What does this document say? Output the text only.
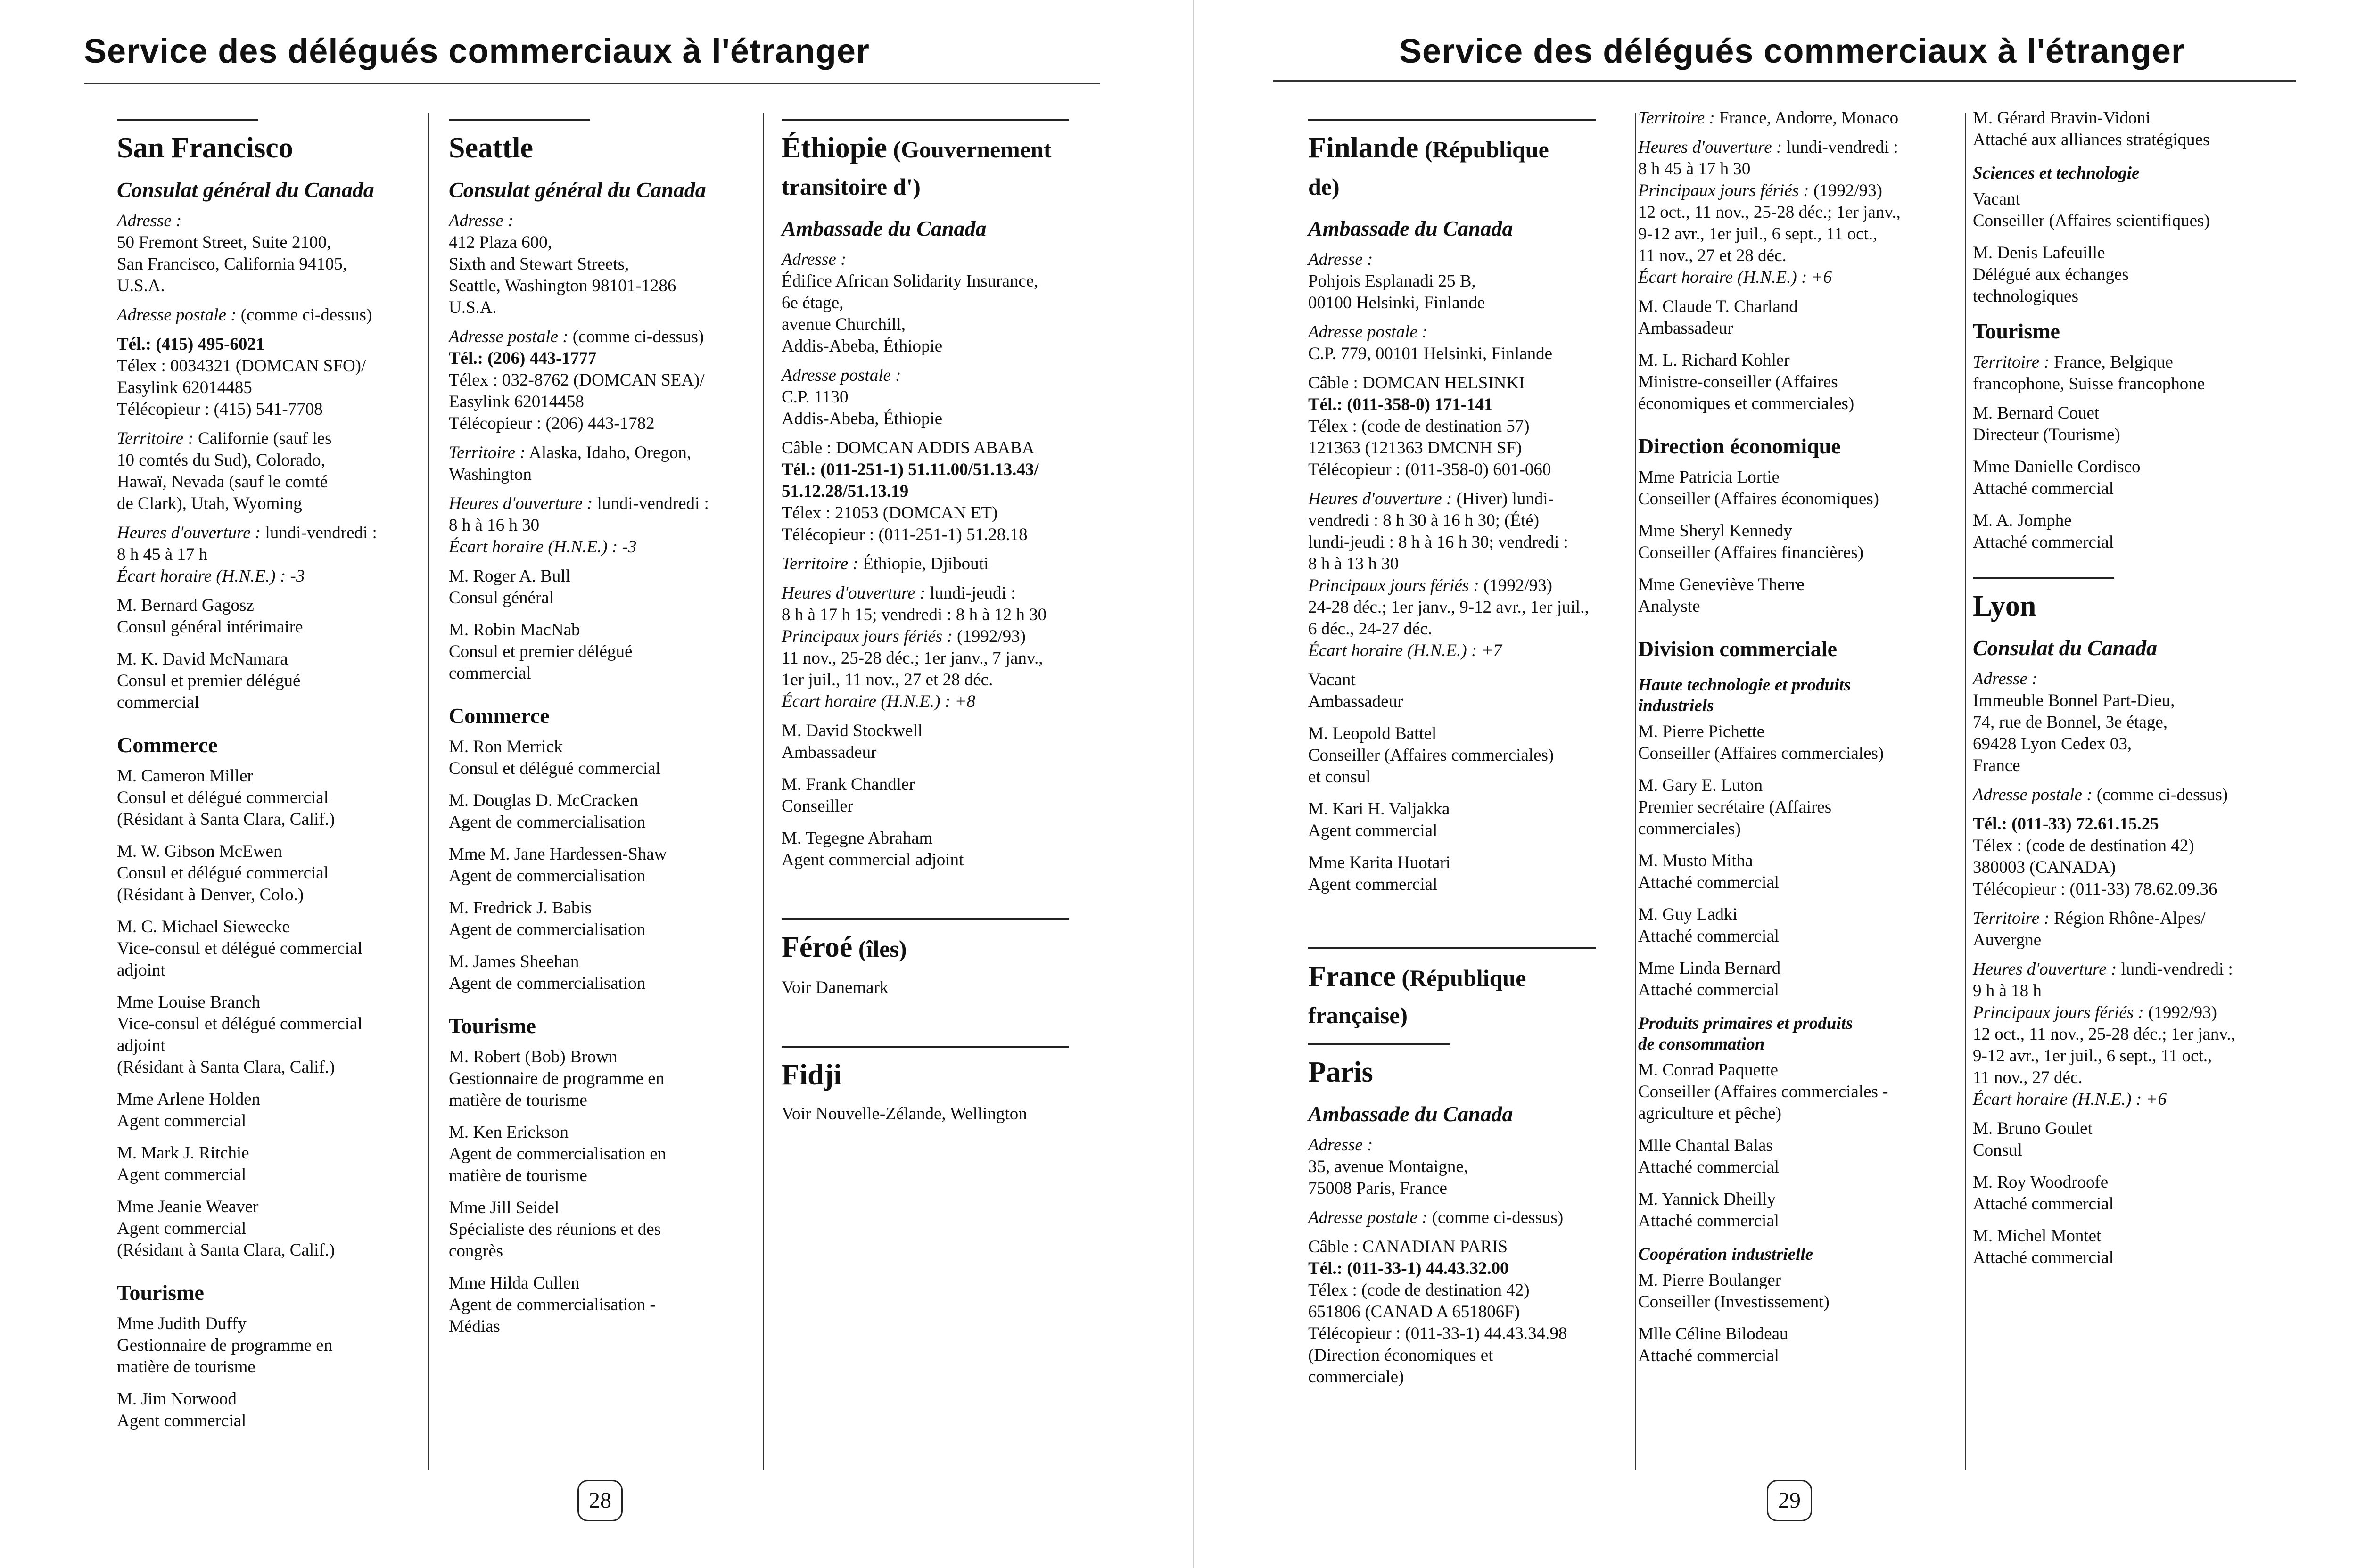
Service des délégués commerciaux à l'étranger	Service des délégués commerciaux à l'étranger
San Francisco
Consulat général du Canada
Adresse :
50 Fremont Street, Suite 2100,
San Francisco, California 94105,
U.S.A.
Adresse postale : (comme ci-dessus)
Tél.: (415) 495-6021
Télex : 0034321 (DOMCAN SFO)/
Easylink 62014485
Télécopieur : (415) 541-7708
Territoire : Californie (sauf les
10 comtés du Sud), Colorado,
Hawaï, Nevada (sauf le comté
de Clark), Utah, Wyoming
Heures d'ouverture : lundi-vendredi :
8 h 45 à 17 h
Écart horaire (H.N.E.) : -3
M. Bernard Gagosz
Consul général intérimaire
M. K. David McNamara
Consul et premier délégué
commercial
Commerce
M. Cameron Miller
Consul et délégué commercial
(Résidant à Santa Clara, Calif.)
M. W. Gibson McEwen
Consul et délégué commercial
(Résidant à Denver, Colo.)
M. C. Michael Siewecke
Vice-consul et délégué commercial
adjoint
Mme Louise Branch
Vice-consul et délégué commercial
adjoint
(Résidant à Santa Clara, Calif.)
Mme Arlene Holden
Agent commercial
M. Mark J. Ritchie
Agent commercial
Mme Jeanie Weaver
Agent commercial
(Résidant à Santa Clara, Calif.)
Tourisme
Mme Judith Duffy
Gestionnaire de programme en
matière de tourisme
M. Jim Norwood
Agent commercial
Seattle
Consulat général du Canada
Adresse :
412 Plaza 600,
Sixth and Stewart Streets,
Seattle, Washington 98101-1286
U.S.A.
Adresse postale : (comme ci-dessus)
Tél.: (206) 443-1777
Télex : 032-8762 (DOMCAN SEA)/
Easylink 62014458
Télécopieur : (206) 443-1782
Territoire : Alaska, Idaho, Oregon,
Washington
Heures d'ouverture : lundi-vendredi :
8 h à 16 h 30
Écart horaire (H.N.E.) : -3
M. Roger A. Bull
Consul général
M. Robin MacNab
Consul et premier délégué
commercial
Commerce
M. Ron Merrick
Consul et délégué commercial
M. Douglas D. McCracken
Agent de commercialisation
Mme M. Jane Hardessen-Shaw
Agent de commercialisation
M. Fredrick J. Babis
Agent de commercialisation
M. James Sheehan
Agent de commercialisation
Tourisme
M. Robert (Bob) Brown
Gestionnaire de programme en
matière de tourisme
M. Ken Erickson
Agent de commercialisation en
matière de tourisme
Mme Jill Seidel
Spécialiste des réunions et des
congrès
Mme Hilda Cullen
Agent de commercialisation -
Médias
Éthiopie (Gouvernement
transitoire d')
Ambassade du Canada
Adresse :
Édifice African Solidarity Insurance,
6e étage,
avenue Churchill,
Addis-Abeba, Éthiopie
Adresse postale :
C.P. 1130
Addis-Abeba, Éthiopie
Câble : DOMCAN ADDIS ABABA
Tél.: (011-251-1) 51.11.00/51.13.43/
51.12.28/51.13.19
Télex : 21053 (DOMCAN ET)
Télécopieur : (011-251-1) 51.28.18
Territoire : Éthiopie, Djibouti
Heures d'ouverture : lundi-jeudi :
8 h à 17 h 15; vendredi : 8 h à 12 h 30
Principaux jours fériés : (1992/93)
11 nov., 25-28 déc.; 1er janv., 7 janv.,
1er juil., 11 nov., 27 et 28 déc.
Écart horaire (H.N.E.) : +8
M. David Stockwell
Ambassadeur
M. Frank Chandler
Conseiller
M. Tegegne Abraham
Agent commercial adjoint
Féroé (îles)
Voir Danemark
Fidji
Voir Nouvelle-Zélande, Wellington
Finlande (République
de)
Ambassade du Canada
Adresse :
Pohjois Esplanadi 25 B,
00100 Helsinki, Finlande
Adresse postale :
C.P. 779, 00101 Helsinki, Finlande
Câble : DOMCAN HELSINKI
Tél.: (011-358-0) 171-141
Télex : (code de destination 57)
121363 (121363 DMCNH SF)
Télécopieur : (011-358-0) 601-060
Heures d'ouverture : (Hiver) lundi-
vendredi : 8 h 30 à 16 h 30; (Été)
lundi-jeudi : 8 h à 16 h 30; vendredi :
8 h à 13 h 30
Principaux jours fériés : (1992/93)
24-28 déc.; 1er janv., 9-12 avr., 1er juil.,
6 déc., 24-27 déc.
Écart horaire (H.N.E.) : +7
Vacant
Ambassadeur
M. Leopold Battel
Conseiller (Affaires commerciales)
et consul
M. Kari H. Valjakka
Agent commercial
Mme Karita Huotari
Agent commercial
France (République
française)
Paris
Ambassade du Canada
Adresse :
35, avenue Montaigne,
75008 Paris, France
Adresse postale : (comme ci-dessus)
Câble : CANADIAN PARIS
Tél.: (011-33-1) 44.43.32.00
Télex : (code de destination 42)
651806 (CANAD A 651806F)
Télécopieur : (011-33-1) 44.43.34.98
(Direction économiques et
commerciale)
Territoire : France, Andorre, Monaco
Heures d'ouverture : lundi-vendredi :
8 h 45 à 17 h 30
Principaux jours fériés : (1992/93)
12 oct., 11 nov., 25-28 déc.; 1er janv.,
9-12 avr., 1er juil., 6 sept., 11 oct.,
11 nov., 27 et 28 déc.
Écart horaire (H.N.E.) : +6
M. Claude T. Charland
Ambassadeur
M. L. Richard Kohler
Ministre-conseiller (Affaires
économiques et commerciales)
Direction économique
Mme Patricia Lortie
Conseiller (Affaires économiques)
Mme Sheryl Kennedy
Conseiller (Affaires financières)
Mme Geneviève Therre
Analyste
Division commerciale
Haute technologie et produits
industriels
M. Pierre Pichette
Conseiller (Affaires commerciales)
M. Gary E. Luton
Premier secrétaire (Affaires
commerciales)
M. Musto Mitha
Attaché commercial
M. Guy Ladki
Attaché commercial
Mme Linda Bernard
Attaché commercial
Produits primaires et produits
de consommation
M. Conrad Paquette
Conseiller (Affaires commerciales -
agriculture et pêche)
Mlle Chantal Balas
Attaché commercial
M. Yannick Dheilly
Attaché commercial
Coopération industrielle
M. Pierre Boulanger
Conseiller (Investissement)
Mlle Céline Bilodeau
Attaché commercial
M. Gérard Bravin-Vidoni
Attaché aux alliances stratégiques
Sciences et technologie
Vacant
Conseiller (Affaires scientifiques)
M. Denis Lafeuille
Délégué aux échanges
technologiques
Tourisme
Territoire : France, Belgique
francophone, Suisse francophone
M. Bernard Couet
Directeur (Tourisme)
Mme Danielle Cordisco
Attaché commercial
M. A. Jomphe
Attaché commercial
Lyon
Consulat du Canada
Adresse :
Immeuble Bonnel Part-Dieu,
74, rue de Bonnel, 3e étage,
69428 Lyon Cedex 03,
France
Adresse postale : (comme ci-dessus)
Tél.: (011-33) 72.61.15.25
Télex : (code de destination 42)
380003 (CANADA)
Télécopieur : (011-33) 78.62.09.36
Territoire : Région Rhône-Alpes/
Auvergne
Heures d'ouverture : lundi-vendredi :
9 h à 18 h
Principaux jours fériés : (1992/93)
12 oct., 11 nov., 25-28 déc.; 1er janv.,
9-12 avr., 1er juil., 6 sept., 11 oct.,
11 nov., 27 déc.
Écart horaire (H.N.E.) : +6
M. Bruno Goulet
Consul
M. Roy Woodroofe
Attaché commercial
M. Michel Montet
Attaché commercial
28	29
